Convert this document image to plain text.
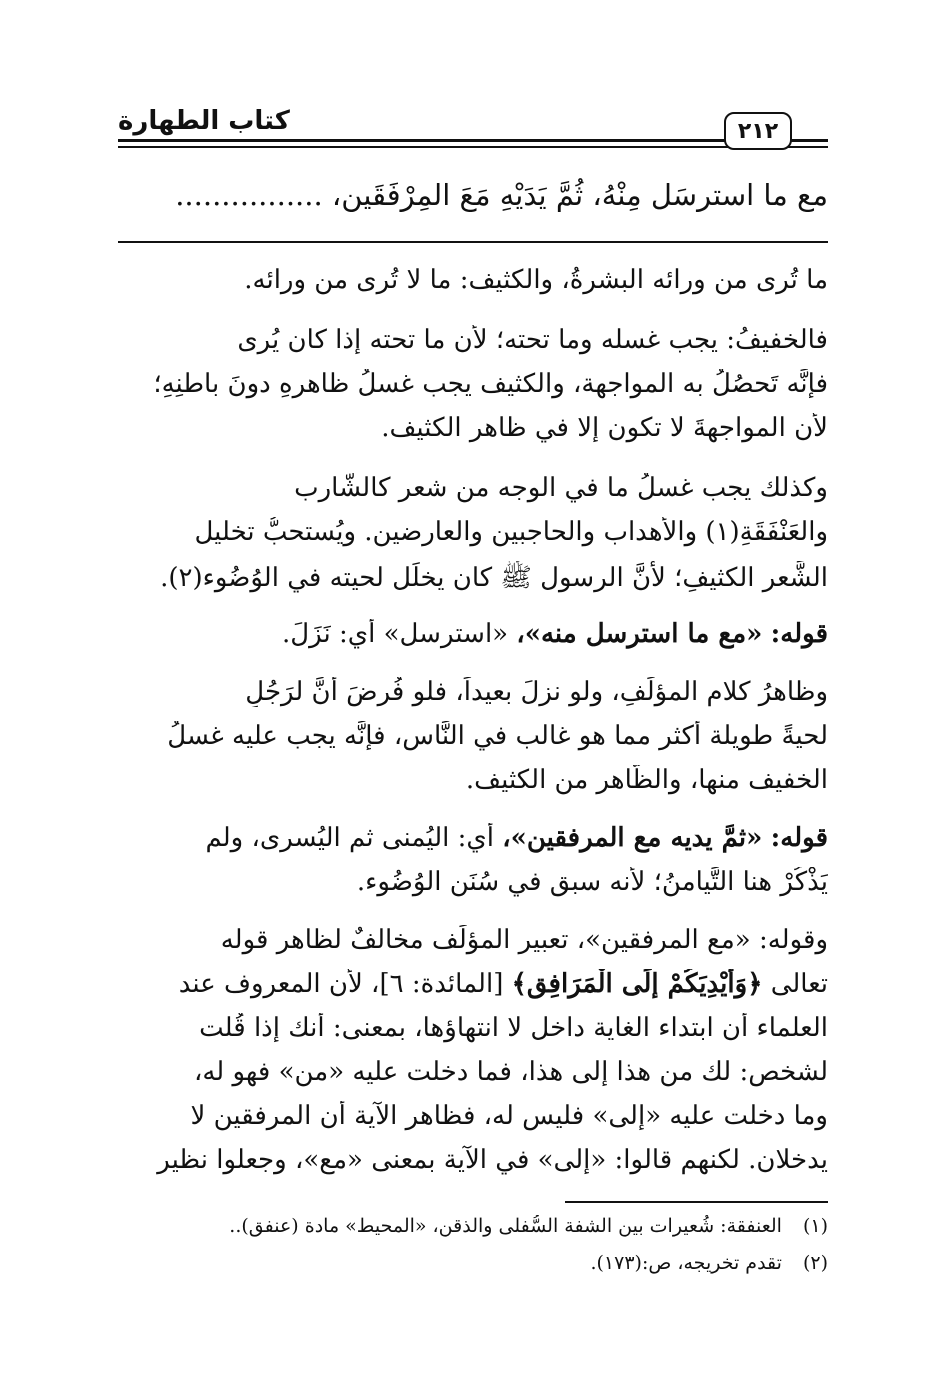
كتاب الطهارة	٢١٢
مع ما استرسَل مِنْهُ، ثُمَّ يَدَيْهِ مَعَ المِرْفَقَين، ................
ما تُرى من ورائه البشرةُ، والكثيف: ما لا تُرى من ورائه.
فالخفيفُ: يجب غسله وما تحته؛ لأن ما تحته إذا كان يُرى
فإنَّه تَحصُلُ به المواجهة، والكثيف يجب غسلُ ظاهرِهِ دونَ باطنِهِ؛
لأن المواجهةَ لا تكون إلا في ظاهر الكثيف.
وكذلك يجب غسلُ ما في الوجه من شعر كالشَّارب
والعَنْفَقَةِ(١) والأهداب والحاجبين والعارضين. ويُستحبُّ تخليل
الشَّعر الكثيفِ؛ لأنَّ الرسول ﷺ كان يخلِّل لحيته في الوُضُوء(٢).
قوله: «مع ما استرسل منه»، «استرسل» أي: نَزَلَ.
وظاهرُ كلام المؤلِّفِ، ولو نزلَ بعيداً، فلو فُرِضَ أنَّ لرَجُلٍ
لحيةً طويلة أكثر مما هو غالب في النَّاس، فإنَّه يجب عليه غسلُ
الخفيف منها، والظَّاهر من الكثيف.
قوله: «ثمَّ يديه مع المرفقين»، أي: اليُمنى ثم اليُسرى، ولم
يَذْكُرْ هنا التَّيامنُ؛ لأنه سبق في سُنَن الوُضُوء.
وقوله: «مع المرفقين»، تعبير المؤلِّف مخالفٌ لظاهر قوله
تعالى ﴿وَأَيْدِيَكُمْ إِلَى الْمَرَافِقِ﴾ [المائدة: ٦]، لأن المعروف عند
العلماء أن ابتداء الغاية داخل لا انتهاؤها، بمعنى: أنك إذا قُلت
لشخص: لك من هذا إلى هذا، فما دخلت عليه «من» فهو له،
وما دخلت عليه «إلى» فليس له، فظاهر الآية أن المرفقين لا
يدخلان. لكنهم قالوا: «إلى» في الآية بمعنى «مع»، وجعلوا نظير
(١) العنفقة: شُعيرات بين الشفة السُّفلى والذقن، «المحيط» مادة (عنفق)..
(٢) تقدم تخريجه، ص:(١٧٣).
